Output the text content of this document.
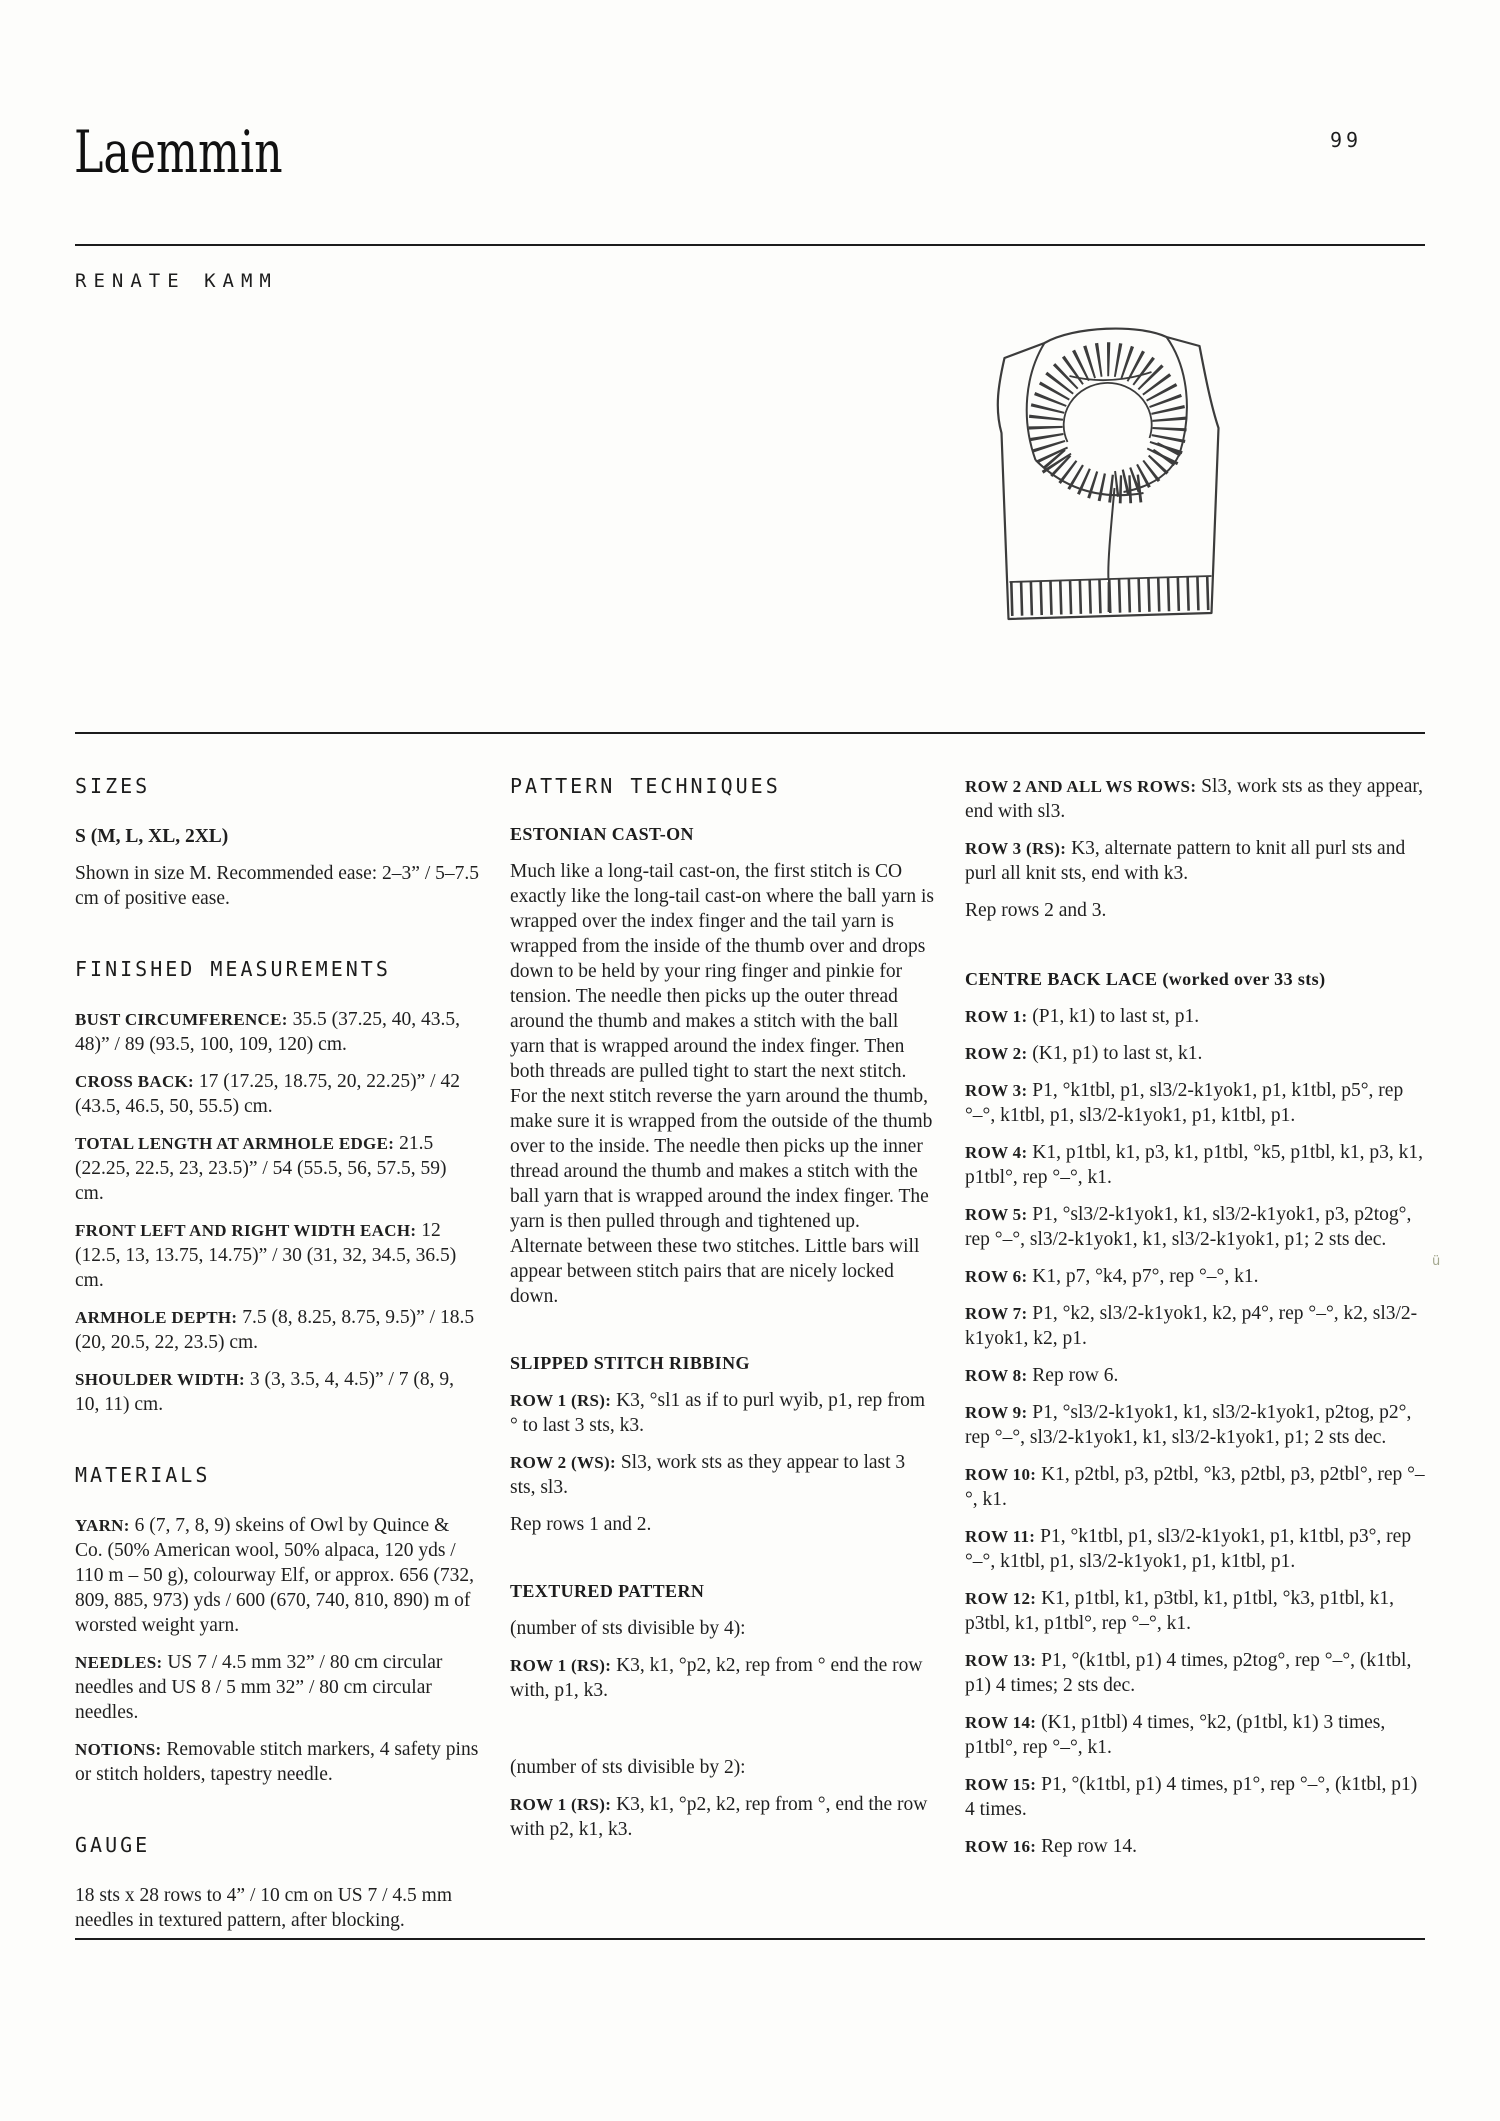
Laemmin	99
RENATE KAMM
SIZES

S (M, L, XL, 2XL)

Shown in size M. Recommended ease: 2–3” / 5–7.5 cm of positive ease.

FINISHED MEASUREMENTS

BUST CIRCUMFERENCE: 35.5 (37.25, 40, 43.5, 48)” / 89 (93.5, 100, 109, 120) cm.

CROSS BACK: 17 (17.25, 18.75, 20, 22.25)” / 42 (43.5, 46.5, 50, 55.5) cm.

TOTAL LENGTH AT ARMHOLE EDGE: 21.5 (22.25, 22.5, 23, 23.5)” / 54 (55.5, 56, 57.5, 59) cm.

FRONT LEFT AND RIGHT WIDTH EACH: 12 (12.5, 13, 13.75, 14.75)” / 30 (31, 32, 34.5, 36.5) cm.

ARMHOLE DEPTH: 7.5 (8, 8.25, 8.75, 9.5)” / 18.5 (20, 20.5, 22, 23.5) cm.

SHOULDER WIDTH: 3 (3, 3.5, 4, 4.5)” / 7 (8, 9, 10, 11) cm.

MATERIALS

YARN: 6 (7, 7, 8, 9) skeins of Owl by Quince & Co. (50% American wool, 50% alpaca, 120 yds / 110 m – 50 g), colourway Elf, or approx. 656 (732, 809, 885, 973) yds / 600 (670, 740, 810, 890) m of worsted weight yarn.

NEEDLES: US 7 / 4.5 mm 32” / 80 cm circular needles and US 8 / 5 mm 32” / 80 cm circular needles.

NOTIONS: Removable stitch markers, 4 safety pins or stitch holders, tapestry needle.

GAUGE

18 sts x 28 rows to 4” / 10 cm on US 7 / 4.5 mm needles in textured pattern, after blocking.

PATTERN TECHNIQUES
ESTONIAN CAST-ON

Much like a long-tail cast-on, the first stitch is CO exactly like the long-tail cast-on where the ball yarn is wrapped over the index finger and the tail yarn is wrapped from the inside of the thumb over and drops down to be held by your ring finger and pinkie for tension. The needle then picks up the outer thread around the thumb and makes a stitch with the ball yarn that is wrapped around the index finger. Then both threads are pulled tight to start the next stitch. For the next stitch reverse the yarn around the thumb, make sure it is wrapped from the outside of the thumb over to the inside. The needle then picks up the inner thread around the thumb and makes a stitch with the ball yarn that is wrapped around the index finger. The yarn is then pulled through and tightened up. Alternate between these two stitches. Little bars will appear between stitch pairs that are nicely locked down.

SLIPPED STITCH RIBBING

ROW 1 (RS): K3, °sl1 as if to purl wyib, p1, rep from ° to last 3 sts, k3.

ROW 2 (WS): Sl3, work sts as they appear to last 3 sts, sl3.

Rep rows 1 and 2.

TEXTURED PATTERN

(number of sts divisible by 4):

ROW 1 (RS): K3, k1, °p2, k2, rep from ° end the row with, p1, k3.

(number of sts divisible by 2):

ROW 1 (RS): K3, k1, °p2, k2, rep from °, end the row with p2, k1, k3.

ROW 2 AND ALL WS ROWS: Sl3, work sts as they appear, end with sl3.

ROW 3 (RS): K3, alternate pattern to knit all purl sts and purl all knit sts, end with k3.

Rep rows 2 and 3.

CENTRE BACK LACE (worked over 33 sts)

ROW 1: (P1, k1) to last st, p1.

ROW 2: (K1, p1) to last st, k1.

ROW 3: P1, °k1tbl, p1, sl3/2-k1yok1, p1, k1tbl, p5°, rep °–°, k1tbl, p1, sl3/2-k1yok1, p1, k1tbl, p1.

ROW 4: K1, p1tbl, k1, p3, k1, p1tbl, °k5, p1tbl, k1, p3, k1, p1tbl°, rep °–°, k1.

ROW 5: P1, °sl3/2-k1yok1, k1, sl3/2-k1yok1, p3, p2tog°, rep °–°, sl3/2-k1yok1, k1, sl3/2-k1yok1, p1; 2 sts dec.

ROW 6: K1, p7, °k4, p7°, rep °–°, k1.

ROW 7: P1, °k2, sl3/2-k1yok1, k2, p4°, rep °–°, k2, sl3/2-k1yok1, k2, p1.

ROW 8: Rep row 6.

ROW 9: P1, °sl3/2-k1yok1, k1, sl3/2-k1yok1, p2tog, p2°, rep °–°, sl3/2-k1yok1, k1, sl3/2-k1yok1, p1; 2 sts dec.

ROW 10: K1, p2tbl, p3, p2tbl, °k3, p2tbl, p3, p2tbl°, rep °–°, k1.

ROW 11: P1, °k1tbl, p1, sl3/2-k1yok1, p1, k1tbl, p3°, rep °–°, k1tbl, p1, sl3/2-k1yok1, p1, k1tbl, p1.

ROW 12: K1, p1tbl, k1, p3tbl, k1, p1tbl, °k3, p1tbl, k1, p3tbl, k1, p1tbl°, rep °–°, k1.

ROW 13: P1, °(k1tbl, p1) 4 times, p2tog°, rep °–°, (k1tbl, p1) 4 times; 2 sts dec.

ROW 14: (K1, p1tbl) 4 times, °k2, (p1tbl, k1) 3 times, p1tbl°, rep °–°, k1.

ROW 15: P1, °(k1tbl, p1) 4 times, p1°, rep °–°, (k1tbl, p1) 4 times.

ROW 16: Rep row 14.

ü
